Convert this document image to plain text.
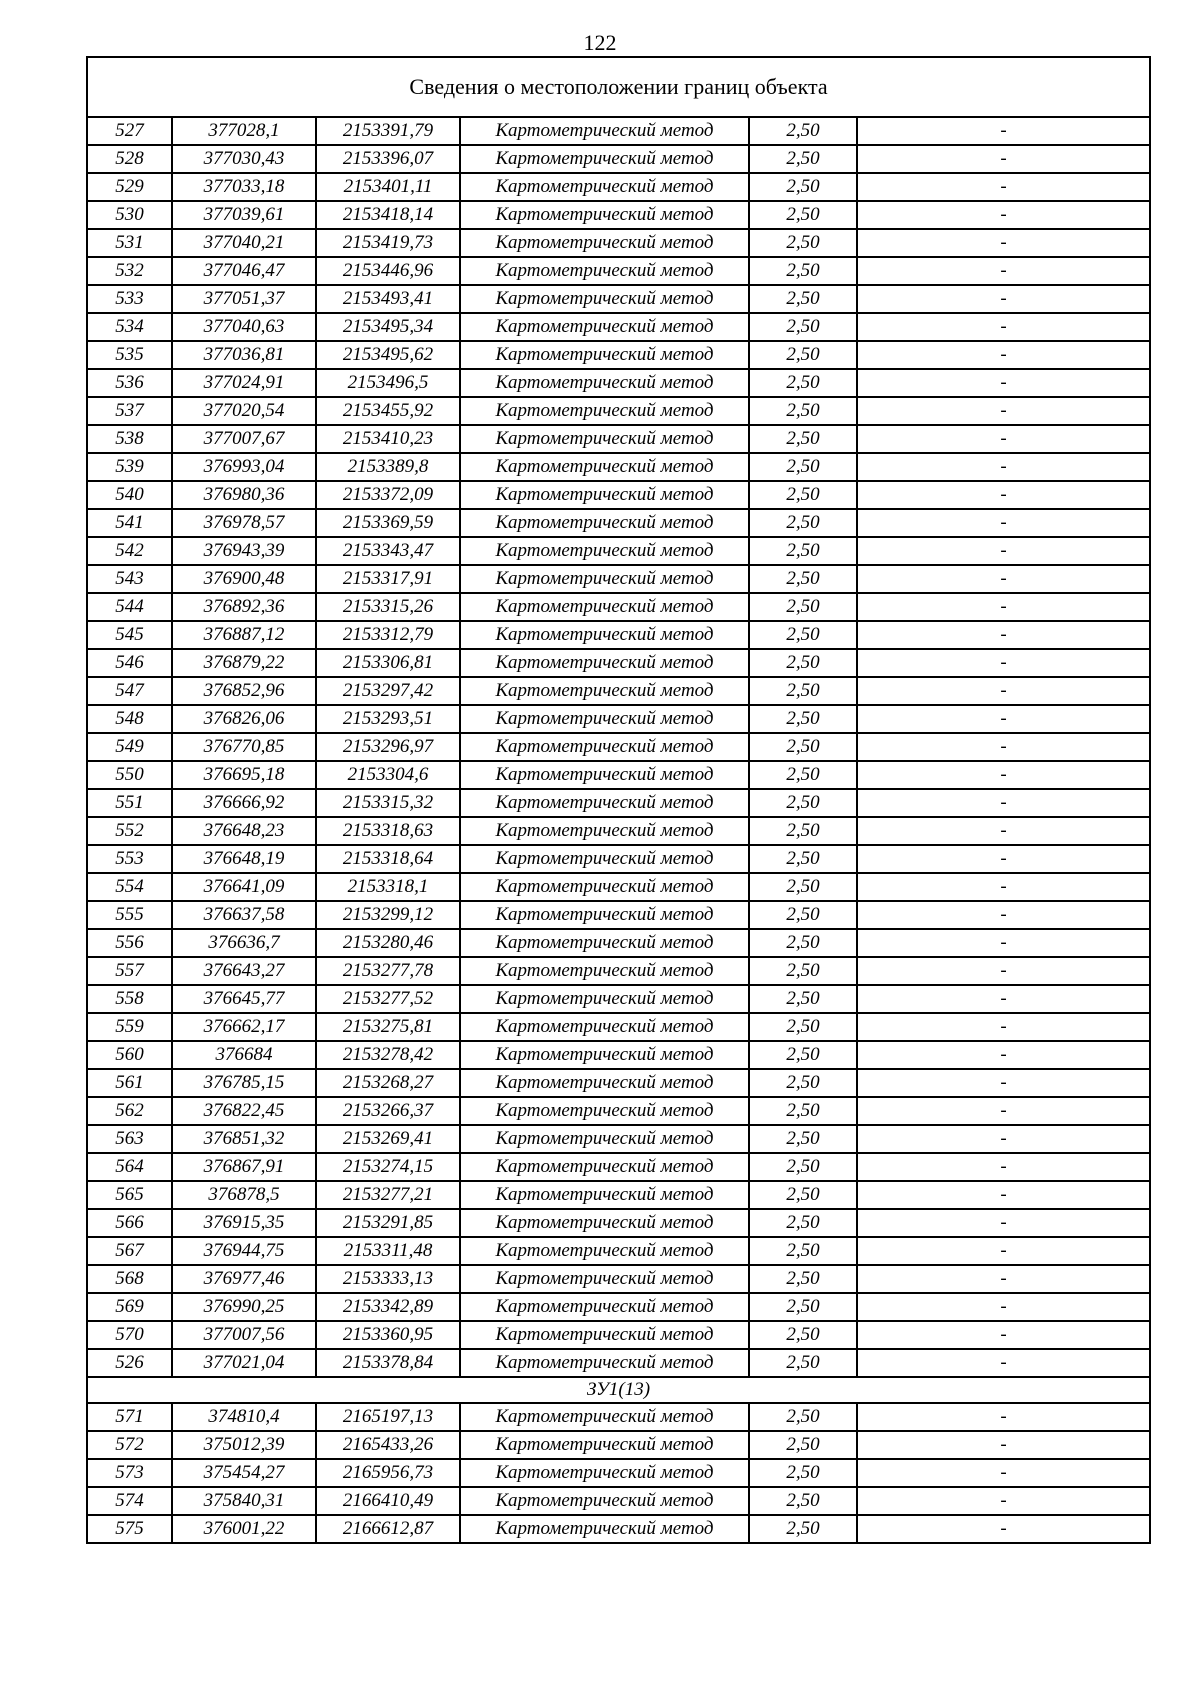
122
Сведения о местоположении границ объекта					
527	377028,1	2153391,79	Картометрический метод	2,50	-
528	377030,43	2153396,07	Картометрический метод	2,50	-
529	377033,18	2153401,11	Картометрический метод	2,50	-
530	377039,61	2153418,14	Картометрический метод	2,50	-
531	377040,21	2153419,73	Картометрический метод	2,50	-
532	377046,47	2153446,96	Картометрический метод	2,50	-
533	377051,37	2153493,41	Картометрический метод	2,50	-
534	377040,63	2153495,34	Картометрический метод	2,50	-
535	377036,81	2153495,62	Картометрический метод	2,50	-
536	377024,91	2153496,5	Картометрический метод	2,50	-
537	377020,54	2153455,92	Картометрический метод	2,50	-
538	377007,67	2153410,23	Картометрический метод	2,50	-
539	376993,04	2153389,8	Картометрический метод	2,50	-
540	376980,36	2153372,09	Картометрический метод	2,50	-
541	376978,57	2153369,59	Картометрический метод	2,50	-
542	376943,39	2153343,47	Картометрический метод	2,50	-
543	376900,48	2153317,91	Картометрический метод	2,50	-
544	376892,36	2153315,26	Картометрический метод	2,50	-
545	376887,12	2153312,79	Картометрический метод	2,50	-
546	376879,22	2153306,81	Картометрический метод	2,50	-
547	376852,96	2153297,42	Картометрический метод	2,50	-
548	376826,06	2153293,51	Картометрический метод	2,50	-
549	376770,85	2153296,97	Картометрический метод	2,50	-
550	376695,18	2153304,6	Картометрический метод	2,50	-
551	376666,92	2153315,32	Картометрический метод	2,50	-
552	376648,23	2153318,63	Картометрический метод	2,50	-
553	376648,19	2153318,64	Картометрический метод	2,50	-
554	376641,09	2153318,1	Картометрический метод	2,50	-
555	376637,58	2153299,12	Картометрический метод	2,50	-
556	376636,7	2153280,46	Картометрический метод	2,50	-
557	376643,27	2153277,78	Картометрический метод	2,50	-
558	376645,77	2153277,52	Картометрический метод	2,50	-
559	376662,17	2153275,81	Картометрический метод	2,50	-
560	376684	2153278,42	Картометрический метод	2,50	-
561	376785,15	2153268,27	Картометрический метод	2,50	-
562	376822,45	2153266,37	Картометрический метод	2,50	-
563	376851,32	2153269,41	Картометрический метод	2,50	-
564	376867,91	2153274,15	Картометрический метод	2,50	-
565	376878,5	2153277,21	Картометрический метод	2,50	-
566	376915,35	2153291,85	Картометрический метод	2,50	-
567	376944,75	2153311,48	Картометрический метод	2,50	-
568	376977,46	2153333,13	Картометрический метод	2,50	-
569	376990,25	2153342,89	Картометрический метод	2,50	-
570	377007,56	2153360,95	Картометрический метод	2,50	-
526	377021,04	2153378,84	Картометрический метод	2,50	-
ЗУ1(13)					
571	374810,4	2165197,13	Картометрический метод	2,50	-
572	375012,39	2165433,26	Картометрический метод	2,50	-
573	375454,27	2165956,73	Картометрический метод	2,50	-
574	375840,31	2166410,49	Картометрический метод	2,50	-
575	376001,22	2166612,87	Картометрический метод	2,50	-
